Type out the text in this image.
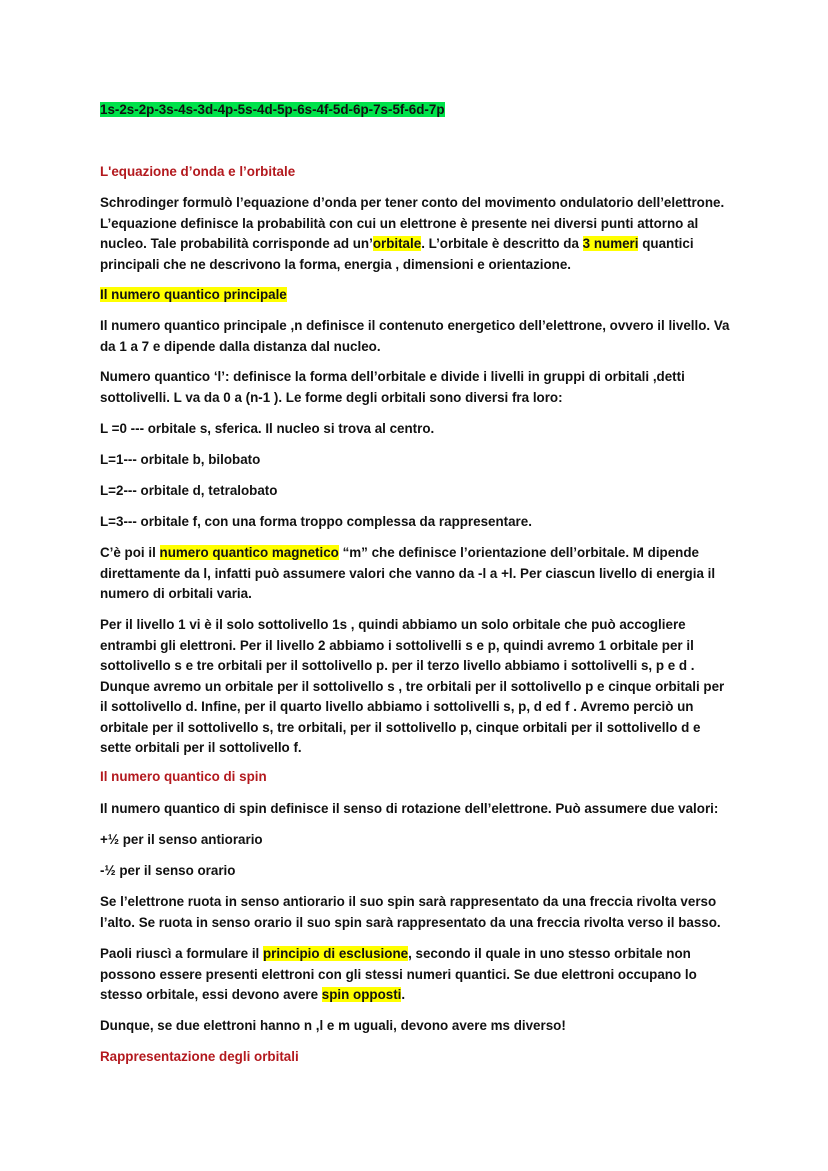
1s-2s-2p-3s-4s-3d-4p-5s-4d-5p-6s-4f-5d-6p-7s-5f-6d-7p

L'equazione d’onda e l’orbitale

Schrodinger formulò l’equazione d’onda per tener conto del movimento ondulatorio dell’elettrone. L’equazione definisce la probabilità con cui un elettrone è presente nei diversi punti attorno al nucleo. Tale probabilità corrisponde ad un’orbitale. L’orbitale è descritto da 3 numeri quantici principali che ne descrivono la forma, energia , dimensioni e orientazione.

Il numero quantico principale

Il numero quantico principale ,n definisce il contenuto energetico dell’elettrone, ovvero il livello. Va da 1 a 7 e dipende dalla distanza dal nucleo.

Numero quantico ‘l’: definisce la forma dell’orbitale e divide i livelli in gruppi di orbitali ,detti sottolivelli. L va da 0 a (n-1 ). Le forme degli orbitali sono diversi fra loro:

L =0 --- orbitale s, sferica. Il nucleo si trova al centro.

L=1--- orbitale b, bilobato

L=2--- orbitale d, tetralobato

L=3--- orbitale f, con una forma troppo complessa da rappresentare.

C’è poi il numero quantico magnetico “m” che definisce l’orientazione dell’orbitale. M dipende direttamente da l, infatti può assumere valori che vanno da -l a +l. Per ciascun livello di energia il numero di orbitali varia.

Per il livello 1 vi è il solo sottolivello 1s , quindi abbiamo un solo orbitale che può accogliere entrambi gli elettroni. Per il livello 2 abbiamo i sottolivelli s e p, quindi avremo 1 orbitale per il sottolivello s e tre orbitali per il sottolivello p. per il terzo livello abbiamo i sottolivelli s, p e d . Dunque avremo un orbitale per il sottolivello s , tre orbitali per il sottolivello p e cinque orbitali per il sottolivello d. Infine, per il quarto livello abbiamo i sottolivelli s, p, d ed f . Avremo perciò un orbitale per il sottolivello s, tre orbitali, per il sottolivello p, cinque orbitali per il sottolivello d e sette orbitali per il sottolivello f.

Il numero quantico di spin

Il numero quantico di spin definisce il senso di rotazione dell’elettrone. Può assumere due valori:

+½ per il senso antiorario

-½ per il senso orario

Se l’elettrone ruota in senso antiorario il suo spin sarà rappresentato da una freccia rivolta verso l’alto. Se ruota in senso orario il suo spin sarà rappresentato da una freccia rivolta verso il basso.

Paoli riuscì a formulare il principio di esclusione, secondo il quale in uno stesso orbitale non possono essere presenti elettroni con gli stessi numeri quantici. Se due elettroni occupano lo stesso orbitale, essi devono avere spin opposti.

Dunque, se due elettroni hanno n ,l e m uguali, devono avere ms diverso!

Rappresentazione degli orbitali
